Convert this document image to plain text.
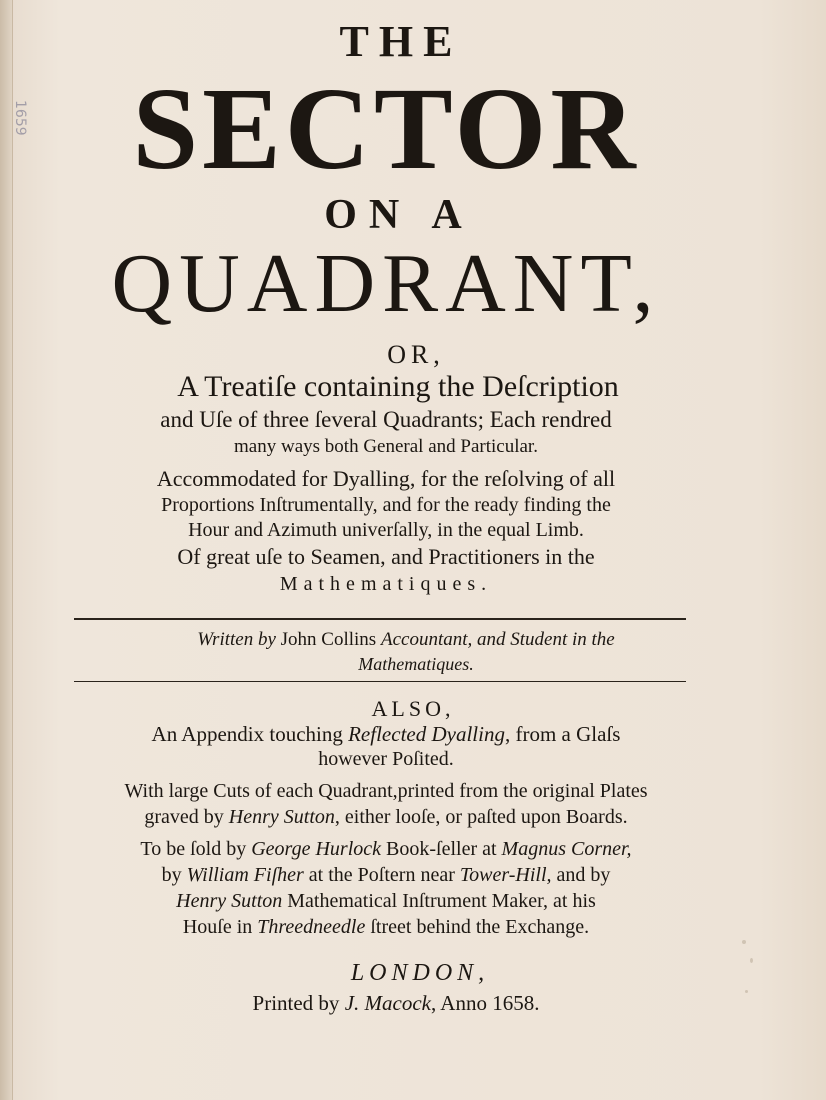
1659
THE
SECTOR
ON A
QUADRANT,
OR,
A Treatiſe containing the Deſcription
and Uſe of three ſeveral Quadrants; Each rendred
many ways both General and Particular.
Accommodated for Dyalling, for the reſolving of all
Proportions Inſtrumentally, and for the ready finding the
Hour and Azimuth univerſally, in the equal Limb.
Of great uſe to Seamen, and Practitioners in the
Mathematiques.
Written by John Collins Accountant, and Student in the
Mathematiques.
ALSO,
An Appendix touching Reflected Dyalling, from a Glaſs
however Poſited.
With large Cuts of each Quadrant,printed from the original Plates
graved by Henry Sutton, either looſe, or paſted upon Boards.
To be ſold by George Hurlock Book-ſeller at Magnus Corner,
by William Fiſher at the Poſtern near Tower-Hill, and by
Henry Sutton Mathematical Inſtrument Maker, at his
Houſe in Threedneedle ſtreet behind the Exchange.
LONDON,
Printed by J. Macock, Anno 1658.
